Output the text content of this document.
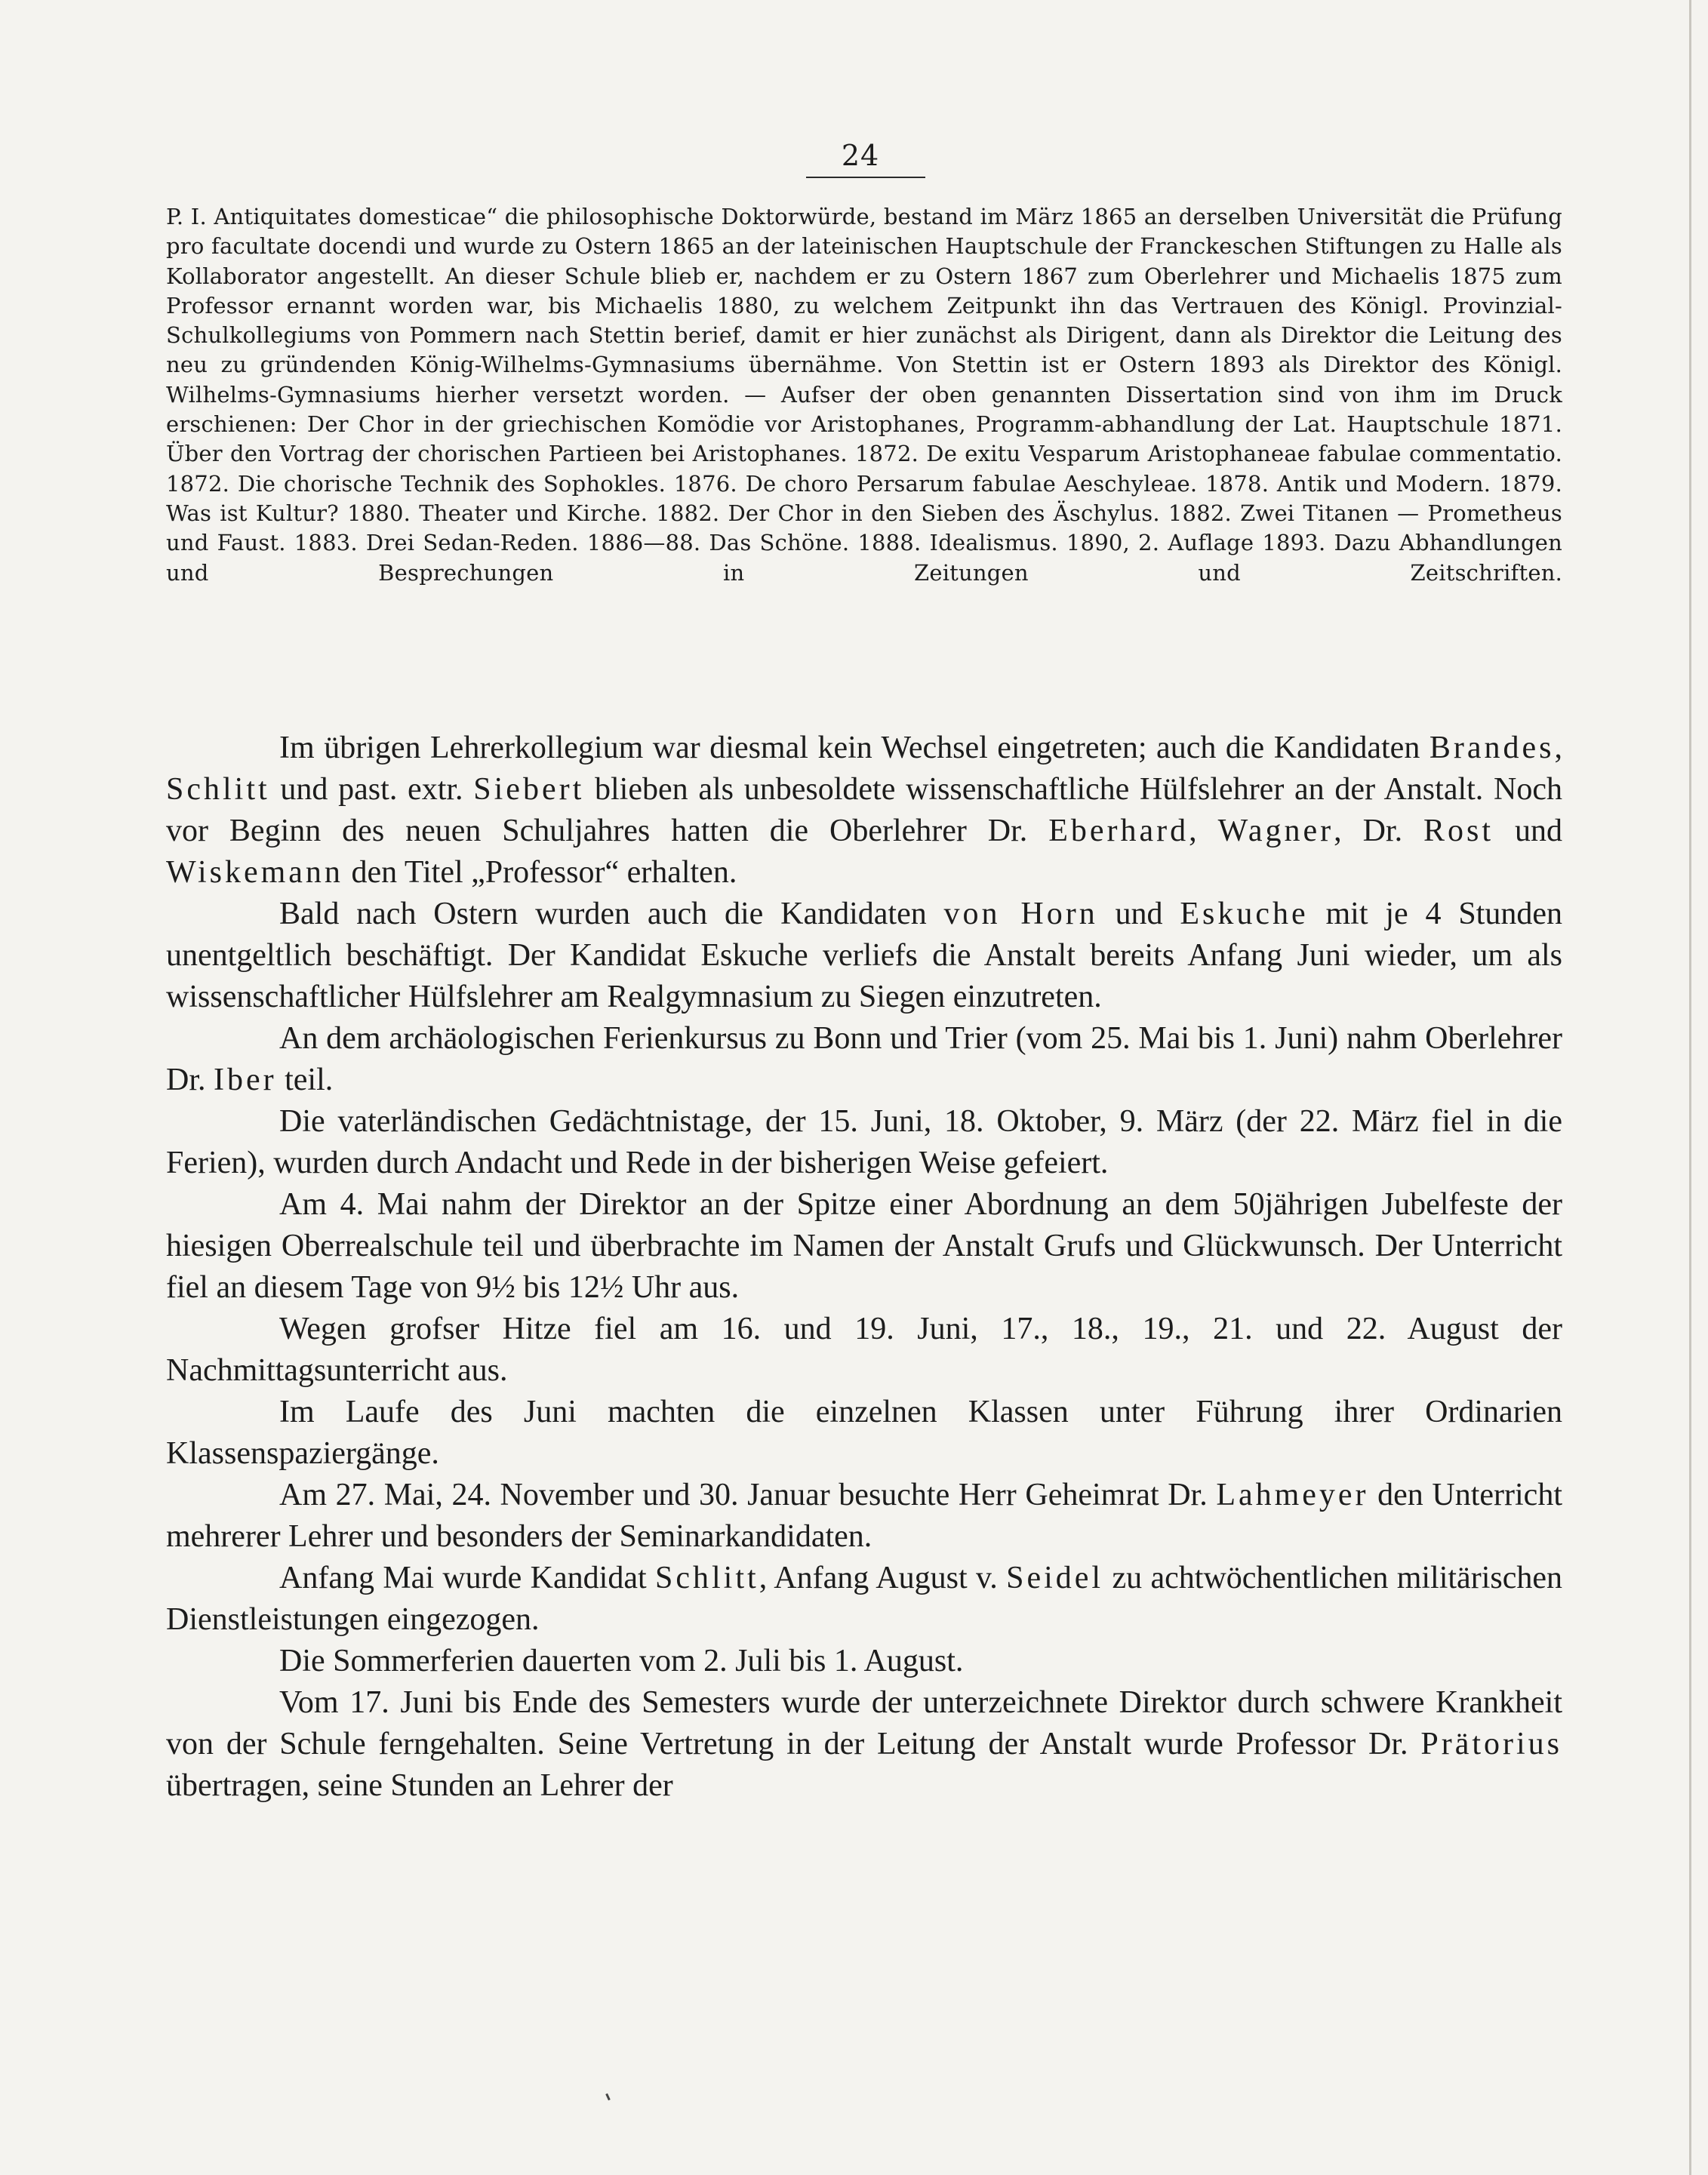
24

P. I. Antiquitates domesticae“ die philosophische Doktorwürde, bestand im März 1865 an derselben Universität die Prüfung pro facultate docendi und wurde zu Ostern 1865 an der lateinischen Hauptschule der Franckeschen Stiftungen zu Halle als Kollaborator angestellt. An dieser Schule blieb er, nachdem er zu Ostern 1867 zum Oberlehrer und Michaelis 1875 zum Professor ernannt worden war, bis Michaelis 1880, zu welchem Zeitpunkt ihn das Vertrauen des Königl. Provinzial-Schulkollegiums von Pommern nach Stettin berief, damit er hier zunächst als Dirigent, dann als Direktor die Leitung des neu zu gründenden König-Wilhelms-Gymnasiums übernähme. Von Stettin ist er Ostern 1893 als Direktor des Königl. Wilhelms-Gymnasiums hierher versetzt worden. — Aufser der oben genannten Dissertation sind von ihm im Druck erschienen: Der Chor in der griechischen Komödie vor Aristophanes, Programm-abhandlung der Lat. Hauptschule 1871. Über den Vortrag der chorischen Partieen bei Aristophanes. 1872. De exitu Vesparum Aristophaneae fabulae commentatio. 1872. Die chorische Technik des Sophokles. 1876. De choro Persarum fabulae Aeschyleae. 1878. Antik und Modern. 1879. Was ist Kultur? 1880. Theater und Kirche. 1882. Der Chor in den Sieben des Äschylus. 1882. Zwei Titanen — Prometheus und Faust. 1883. Drei Sedan-Reden. 1886—88. Das Schöne. 1888. Idealismus. 1890, 2. Auflage 1893. Dazu Abhandlungen und Besprechungen in Zeitungen und Zeitschriften.

Im übrigen Lehrerkollegium war diesmal kein Wechsel eingetreten; auch die Kandidaten Brandes, Schlitt und past. extr. Siebert blieben als unbesoldete wissenschaftliche Hülfslehrer an der Anstalt. Noch vor Beginn des neuen Schuljahres hatten die Oberlehrer Dr. Eberhard, Wagner, Dr. Rost und Wiskemann den Titel „Professor“ erhalten.

Bald nach Ostern wurden auch die Kandidaten von Horn und Eskuche mit je 4 Stunden unentgeltlich beschäftigt. Der Kandidat Eskuche verliefs die Anstalt bereits Anfang Juni wieder, um als wissenschaftlicher Hülfslehrer am Realgymnasium zu Siegen einzutreten.

An dem archäologischen Ferienkursus zu Bonn und Trier (vom 25. Mai bis 1. Juni) nahm Oberlehrer Dr. Iber teil.

Die vaterländischen Gedächtnistage, der 15. Juni, 18. Oktober, 9. März (der 22. März fiel in die Ferien), wurden durch Andacht und Rede in der bisherigen Weise gefeiert.

Am 4. Mai nahm der Direktor an der Spitze einer Abordnung an dem 50jährigen Jubelfeste der hiesigen Oberrealschule teil und überbrachte im Namen der Anstalt Grufs und Glückwunsch. Der Unterricht fiel an diesem Tage von 9½ bis 12½ Uhr aus.

Wegen grofser Hitze fiel am 16. und 19. Juni, 17., 18., 19., 21. und 22. August der Nachmittagsunterricht aus.

Im Laufe des Juni machten die einzelnen Klassen unter Führung ihrer Ordinarien Klassenspaziergänge.

Am 27. Mai, 24. November und 30. Januar besuchte Herr Geheimrat Dr. Lahmeyer den Unterricht mehrerer Lehrer und besonders der Seminarkandidaten.

Anfang Mai wurde Kandidat Schlitt, Anfang August v. Seidel zu achtwöchentlichen militärischen Dienstleistungen eingezogen.

Die Sommerferien dauerten vom 2. Juli bis 1. August.

Vom 17. Juni bis Ende des Semesters wurde der unterzeichnete Direktor durch schwere Krankheit von der Schule ferngehalten. Seine Vertretung in der Leitung der Anstalt wurde Professor Dr. Prätorius übertragen, seine Stunden an Lehrer der
